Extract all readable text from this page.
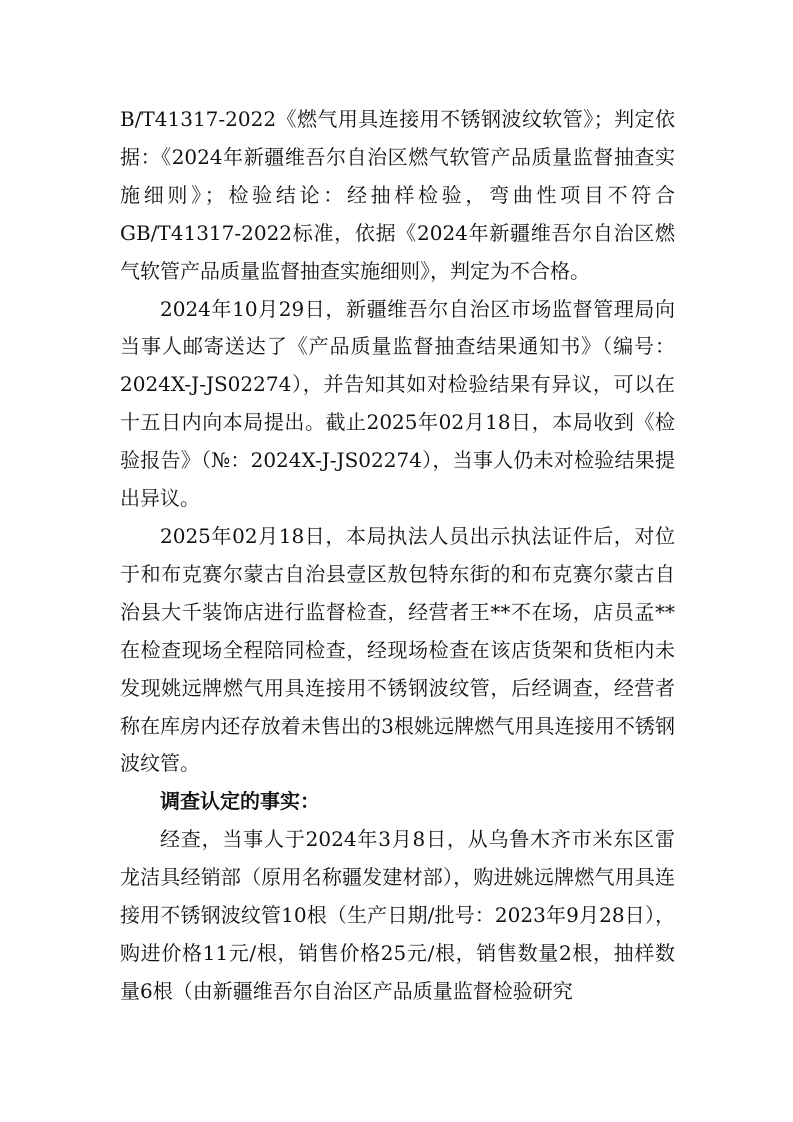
B/T41317-2022《燃气用具连接用不锈钢波纹软管》；判定依据：《2024年新疆维吾尔自治区燃气软管产品质量监督抽查实施细则》；检验结论：经抽样检验，弯曲性项目不符合GB/T41317-2022标准，依据《2024年新疆维吾尔自治区燃气软管产品质量监督抽查实施细则》，判定为不合格。

2024年10月29日，新疆维吾尔自治区市场监督管理局向当事人邮寄送达了《产品质量监督抽查结果通知书》（编号：2024X-J-JS02274），并告知其如对检验结果有异议，可以在十五日内向本局提出。截止2025年02月18日，本局收到《检验报告》（№：2024X-J-JS02274），当事人仍未对检验结果提出异议。

2025年02月18日，本局执法人员出示执法证件后，对位于和布克赛尔蒙古自治县壹区敖包特东街的和布克赛尔蒙古自治县大千装饰店进行监督检查，经营者王**不在场，店员孟**在检查现场全程陪同检查，经现场检查在该店货架和货柜内未发现姚远牌燃气用具连接用不锈钢波纹管，后经调查，经营者称在库房内还存放着未售出的3根姚远牌燃气用具连接用不锈钢波纹管。

调查认定的事实：

经查，当事人于2024年3月8日，从乌鲁木齐市米东区雷龙洁具经销部（原用名称疆发建材部），购进姚远牌燃气用具连接用不锈钢波纹管10根（生产日期/批号：2023年9月28日），购进价格11元/根，销售价格25元/根，销售数量2根，抽样数量6根（由新疆维吾尔自治区产品质量监督检验研究
